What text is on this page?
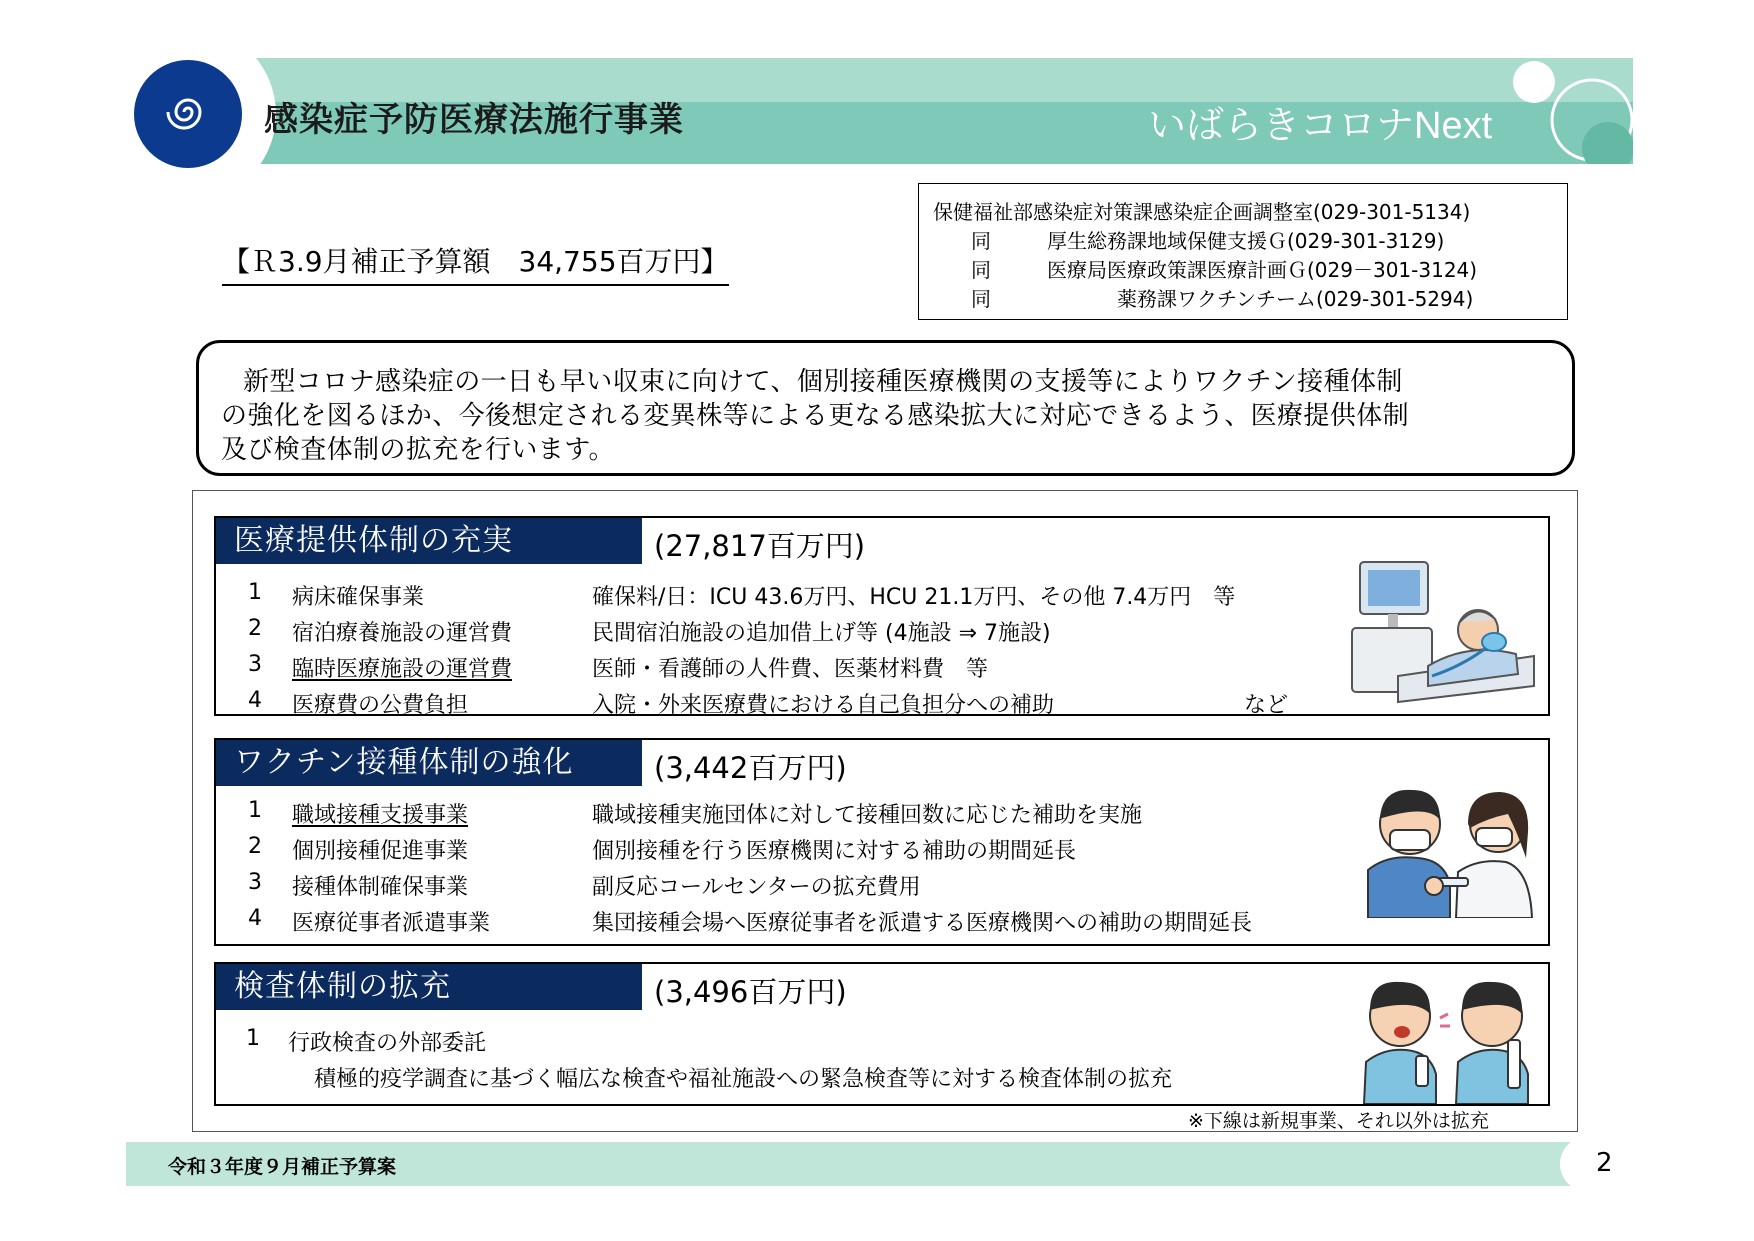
感染症予防医療法施行事業	いばらきコロナNext
【Ｒ3.9月補正予算額　34,755百万円】
保健福祉部感染症対策課感染症企画調整室(029-301-5134)
同	厚生総務課地域保健支援Ｇ(029-301-3129)
同	医療局医療政策課医療計画Ｇ(029－301-3124)
同	薬務課ワクチンチーム(029-301-5294)
新型コロナ感染症の一日も早い収束に向けて、個別接種医療機関の支援等によりワクチン接種体制
の強化を図るほか、今後想定される変異株等による更なる感染拡大に対応できるよう、医療提供体制
及び検査体制の拡充を行います。
医療提供体制の充実	(27,817百万円)
1 病床確保事業	確保料/日：ICU 43.6万円、HCU 21.1万円、その他 7.4万円　等
2 宿泊療養施設の運営費	民間宿泊施設の追加借上げ等 (4施設 ⇒ 7施設)
3 臨時医療施設の運営費	医師・看護師の人件費、医薬材料費　等
4 医療費の公費負担	入院・外来医療費における自己負担分への補助	など
ワクチン接種体制の強化	(3,442百万円)
1 職域接種支援事業	職域接種実施団体に対して接種回数に応じた補助を実施
2 個別接種促進事業	個別接種を行う医療機関に対する補助の期間延長
3 接種体制確保事業	副反応コールセンターの拡充費用
4 医療従事者派遣事業	集団接種会場へ医療従事者を派遣する医療機関への補助の期間延長
検査体制の拡充	(3,496百万円)
1 行政検査の外部委託
積極的疫学調査に基づく幅広な検査や福祉施設への緊急検査等に対する検査体制の拡充
※下線は新規事業、それ以外は拡充
令和３年度９月補正予算案	2
